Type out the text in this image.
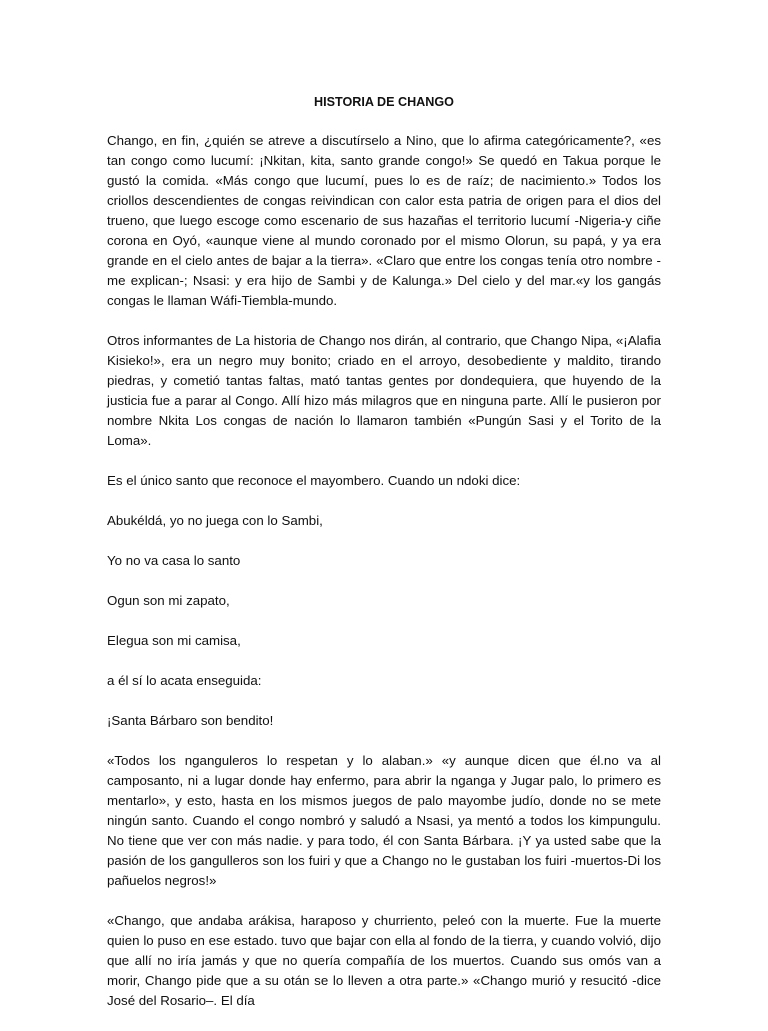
HISTORIA DE CHANGO

Chango, en fin, ¿quién se atreve a discutírselo a Nino, que lo afirma categóricamente?, «es tan congo como lucumí: ¡Nkitan, kita, santo grande congo!» Se quedó en Takua porque le gustó la comida. «Más congo que lucumí, pues lo es de raíz; de nacimiento.» Todos los criollos descendientes de congas reivindican con calor esta patria de origen para el dios del trueno, que luego escoge como escenario de sus hazañas el territorio lucumí -Nigeria-y ciñe corona en Oyó, «aunque viene al mundo coronado por el mismo Olorun, su papá, y ya era grande en el cielo antes de bajar a la tierra». «Claro que entre los congas tenía otro nombre -me explican-; Nsasi: y era hijo de Sambi y de Kalunga.» Del cielo y del mar.«y los gangás congas le llaman Wáfi-Tiembla-mundo.

Otros informantes de La historia de Chango nos dirán, al contrario, que Chango Nipa, «¡Alafia Kisieko!», era un negro muy bonito; criado en el arroyo, desobediente y maldito, tirando piedras, y cometió tantas faltas, mató tantas gentes por dondequiera, que huyendo de la justicia fue a parar al Congo. Allí hizo más milagros que en ninguna parte. Allí le pusieron por nombre Nkita Los congas de nación lo llamaron también «Pungún Sasi y el Torito de la Loma».

Es el único santo que reconoce el mayombero. Cuando un ndoki dice:

Abukéldá, yo no juega con lo Sambi,

Yo no va casa lo santo

Ogun son mi zapato,

Elegua son mi camisa,

a él sí lo acata enseguida:

¡Santa Bárbaro son bendito!

«Todos los nganguleros lo respetan y lo alaban.» «y aunque dicen que él.no va al camposanto, ni a lugar donde hay enfermo, para abrir la nganga y Jugar palo, lo primero es mentarlo», y esto, hasta en los mismos juegos de palo mayombe judío, donde no se mete ningún santo. Cuando el congo nombró y saludó a Nsasi, ya mentó a todos los kimpungulu. No tiene que ver con más nadie. y para todo, él con Santa Bárbara. ¡Y ya usted sabe que la pasión de los gangulleros son los fuiri y que a Chango no le gustaban los fuiri -muertos-Di los pañuelos negros!»

«Chango, que andaba arákisa, haraposo y churriento, peleó con la muerte. Fue la muerte quien lo puso en ese estado. tuvo que bajar con ella al fondo de la tierra, y cuando volvió, dijo que allí no iría jamás y que no quería compañía de los muertos. Cuando sus omós van a morir, Chango pide que a su otán se lo lleven a otra parte.» «Chango murió y resucitó -dice José del Rosario–. El día
